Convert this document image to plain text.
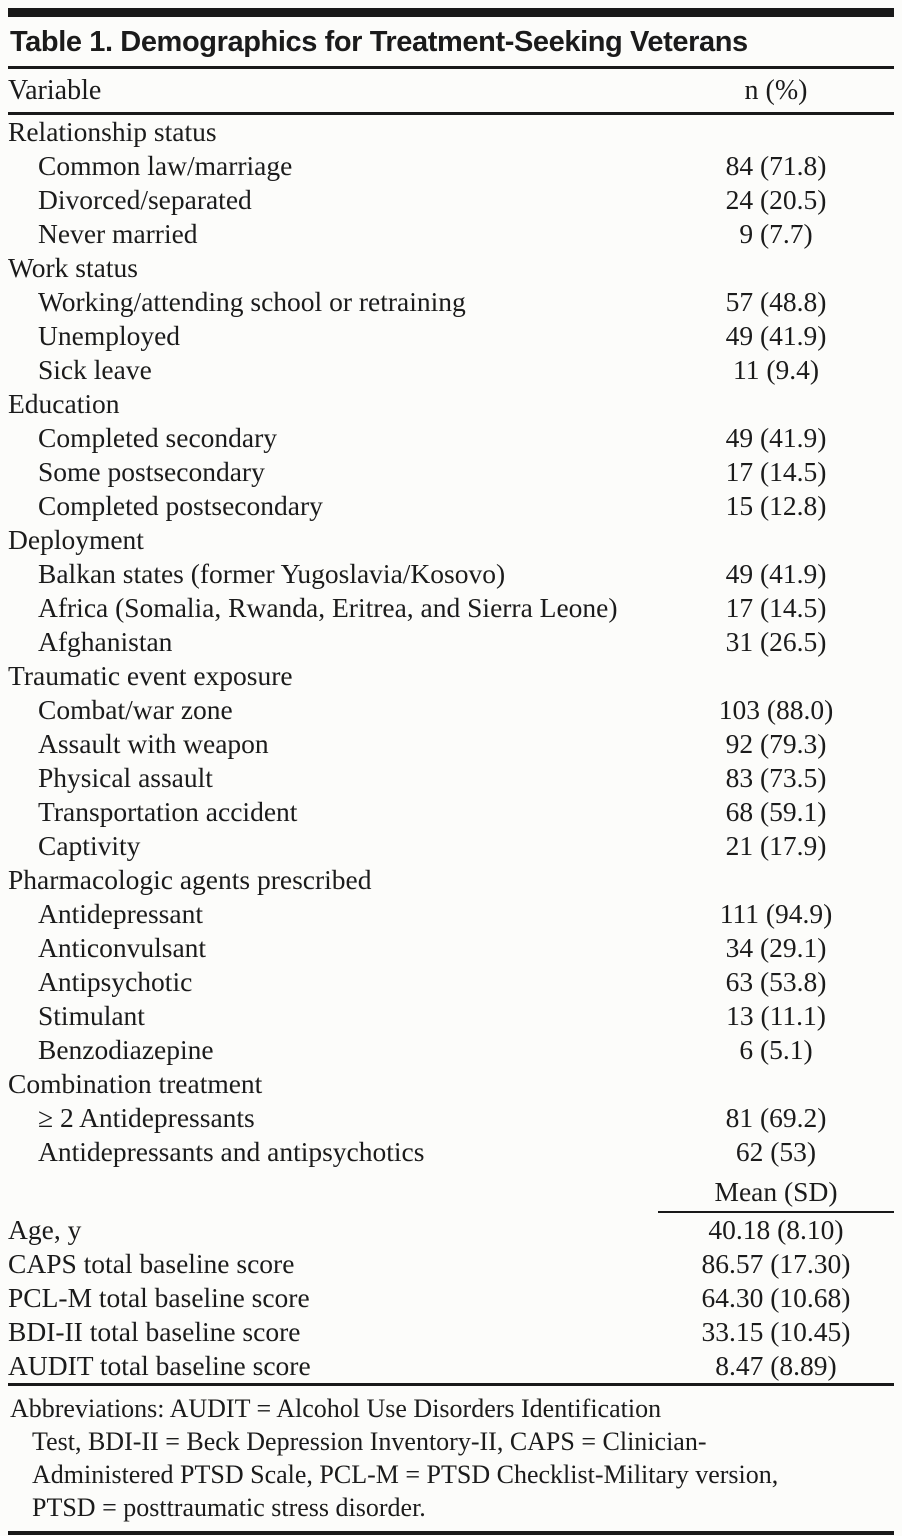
Table 1. Demographics for Treatment-Seeking Veterans
Variable	n (%)
Relationship status
Common law/marriage	84 (71.8)
Divorced/separated	24 (20.5)
Never married	9 (7.7)
Work status
Working/attending school or retraining	57 (48.8)
Unemployed	49 (41.9)
Sick leave	11 (9.4)
Education
Completed secondary	49 (41.9)
Some postsecondary	17 (14.5)
Completed postsecondary	15 (12.8)
Deployment
Balkan states (former Yugoslavia/Kosovo)	49 (41.9)
Africa (Somalia, Rwanda, Eritrea, and Sierra Leone)	17 (14.5)
Afghanistan	31 (26.5)
Traumatic event exposure
Combat/war zone	103 (88.0)
Assault with weapon	92 (79.3)
Physical assault	83 (73.5)
Transportation accident	68 (59.1)
Captivity	21 (17.9)
Pharmacologic agents prescribed
Antidepressant	111 (94.9)
Anticonvulsant	34 (29.1)
Antipsychotic	63 (53.8)
Stimulant	13 (11.1)
Benzodiazepine	6 (5.1)
Combination treatment
≥ 2 Antidepressants	81 (69.2)
Antidepressants and antipsychotics	62 (53)
Mean (SD)
Age, y	40.18 (8.10)
CAPS total baseline score	86.57 (17.30)
PCL-M total baseline score	64.30 (10.68)
BDI-II total baseline score	33.15 (10.45)
AUDIT total baseline score	8.47 (8.89)
Abbreviations: AUDIT = Alcohol Use Disorders Identification
Test, BDI-II = Beck Depression Inventory-II, CAPS = Clinician-
Administered PTSD Scale, PCL-M = PTSD Checklist-Military version,
PTSD = posttraumatic stress disorder.
